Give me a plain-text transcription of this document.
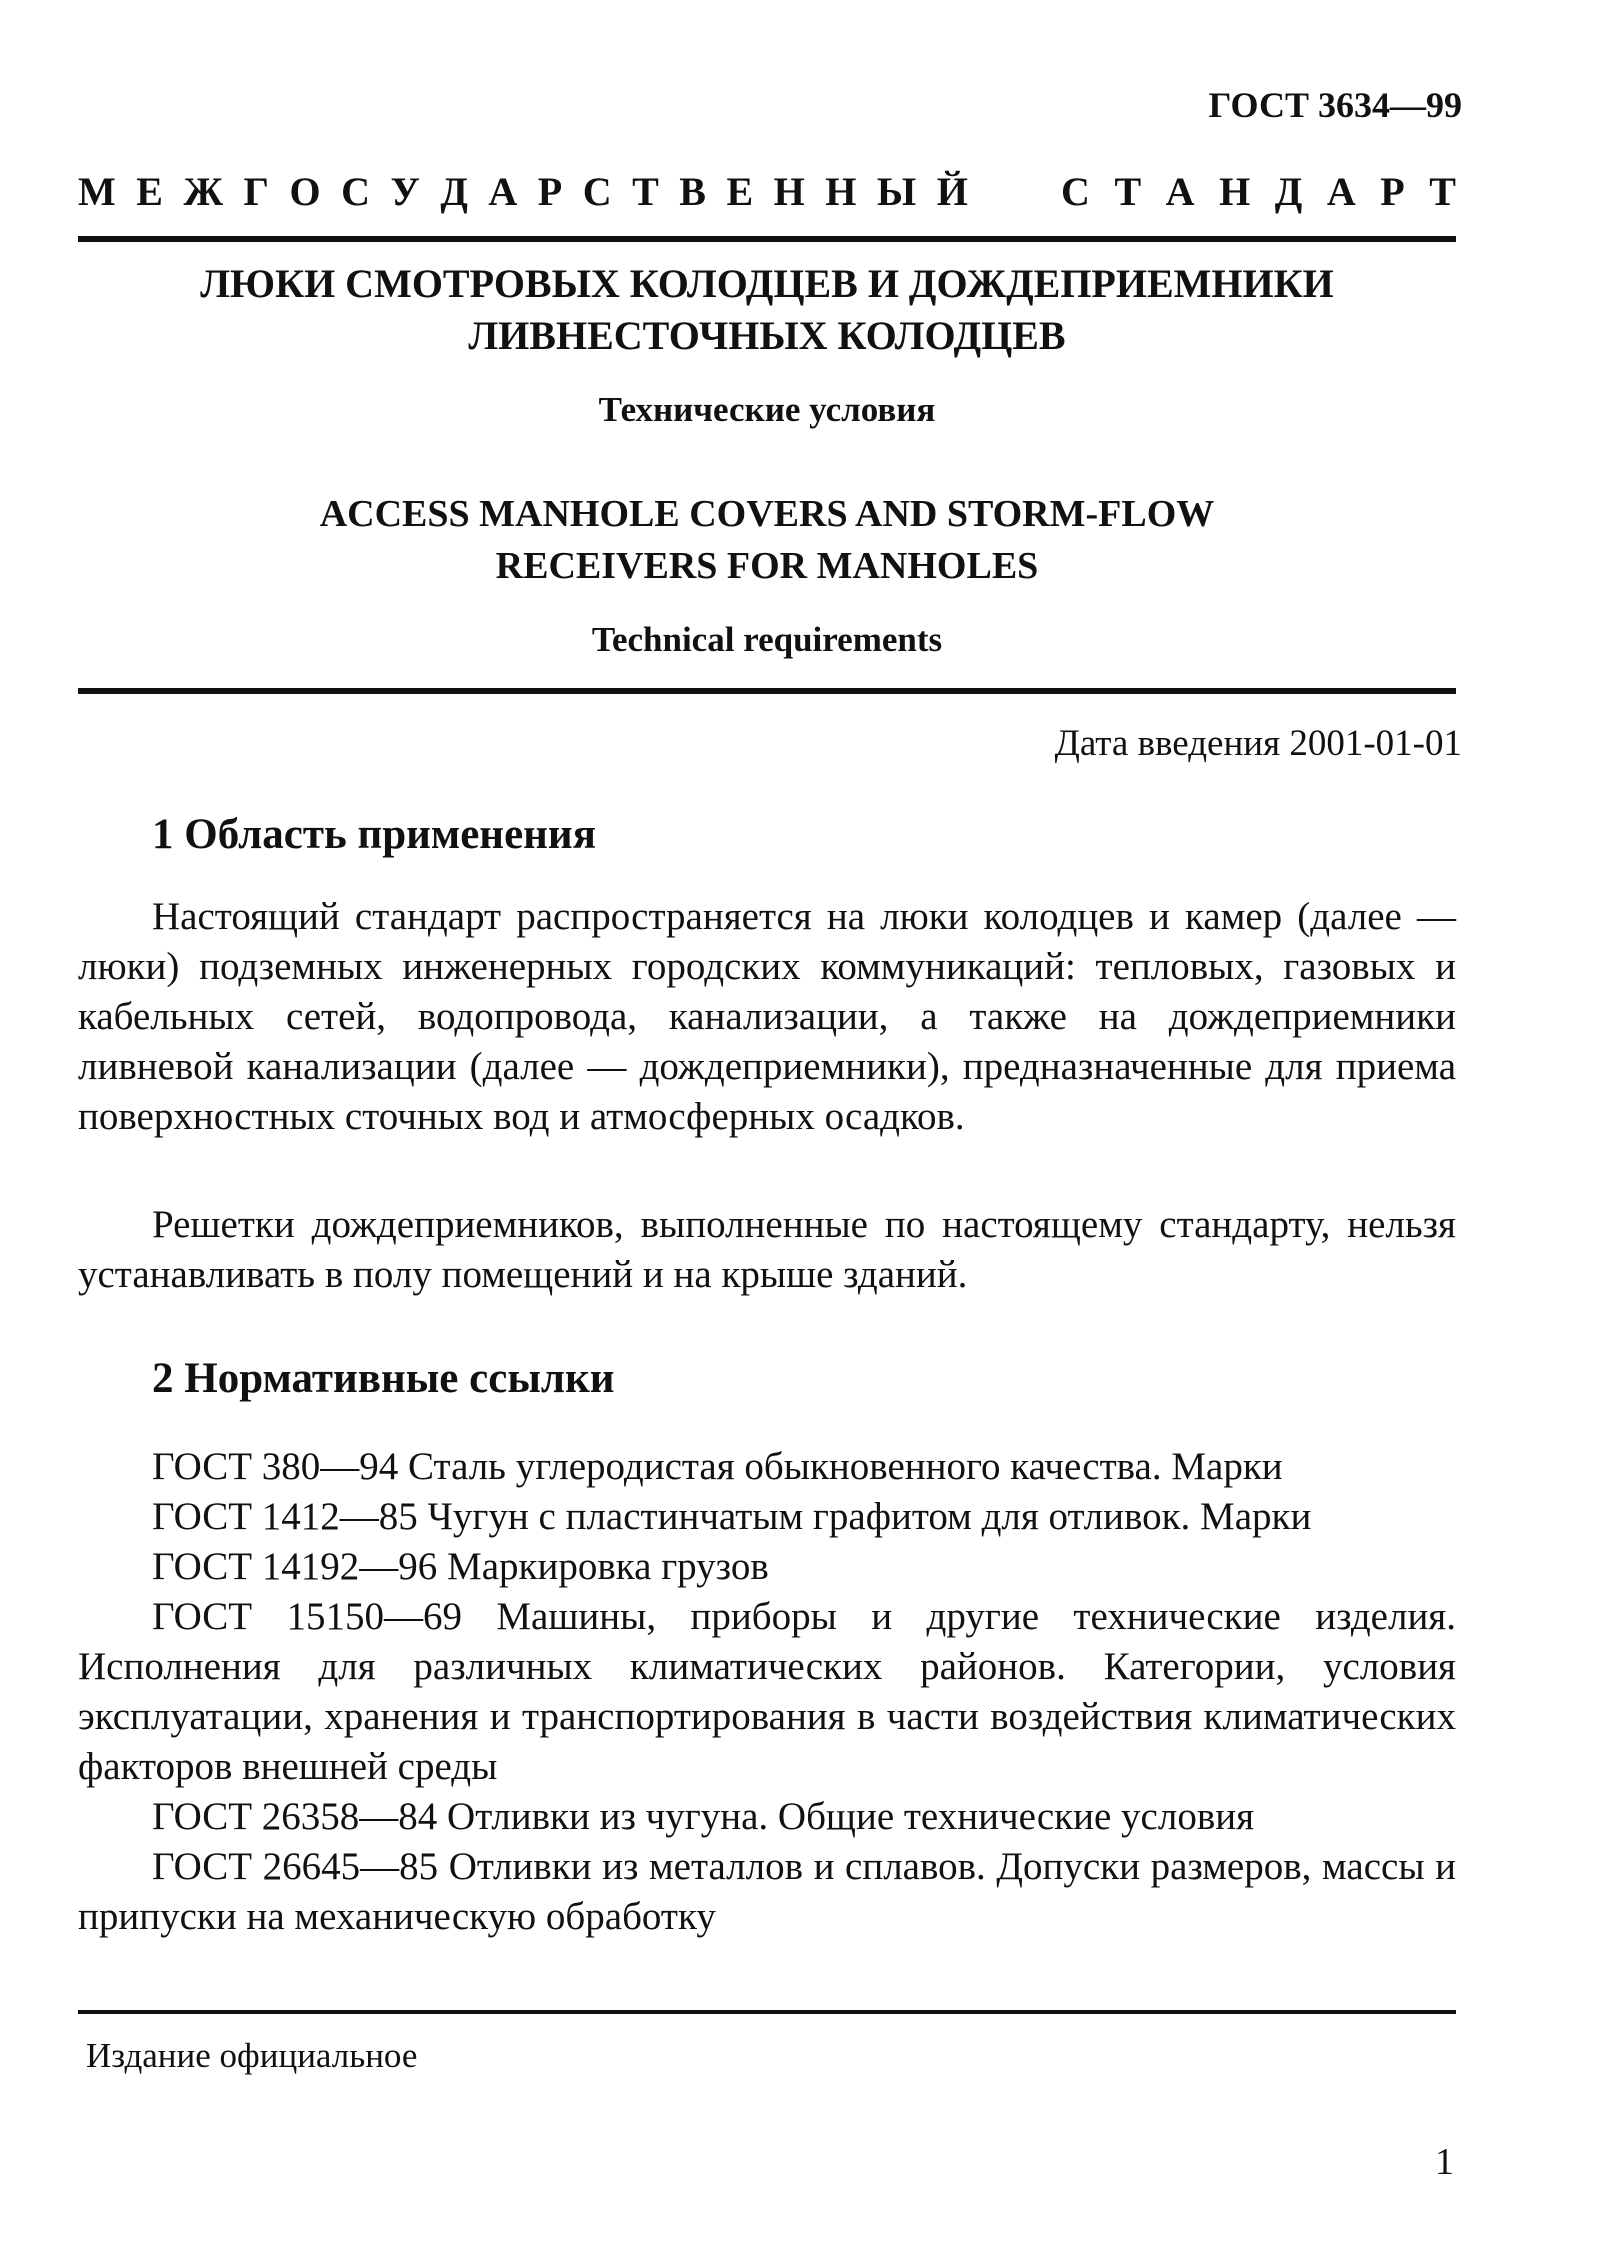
ГОСТ 3634—99
М Е Ж Г О С У Д А Р С Т В Е Н Н Ы Й С Т А Н Д А Р Т
ЛЮКИ СМОТРОВЫХ КОЛОДЦЕВ И ДОЖДЕПРИЕМНИКИ
ЛИВНЕСТОЧНЫХ КОЛОДЦЕВ
Технические условия
ACCESS MANHOLE COVERS AND STORM-FLOW
RECEIVERS FOR MANHOLES
Technical requirements
Дата введения 2001-01-01
1 Область применения

Настоящий стандарт распространяется на люки колодцев и камер (далее — люки) подземных инженерных городских коммуникаций: тепловых, газовых и кабельных сетей, водопровода, канализации, а также на дождеприемники ливневой канализации (далее — дождеприемники), предназначенные для приема поверхностных сточных вод и атмосферных осадков.

Решетки дождеприемников, выполненные по настоящему стандарту, нельзя устанавливать в полу помещений и на крыше зданий.

2 Нормативные ссылки

ГОСТ 380—94 Сталь углеродистая обыкновенного качества. Марки

ГОСТ 1412—85 Чугун с пластинчатым графитом для отливок. Марки

ГОСТ 14192—96 Маркировка грузов

ГОСТ 15150—69 Машины, приборы и другие технические изделия. Исполнения для различных климатических районов. Категории, условия эксплуатации, хранения и транспортирования в части воздействия климатических факторов внешней среды

ГОСТ 26358—84 Отливки из чугуна. Общие технические условия

ГОСТ 26645—85 Отливки из металлов и сплавов. Допуски размеров, массы и припуски на механическую обработку

Издание официальное
1
